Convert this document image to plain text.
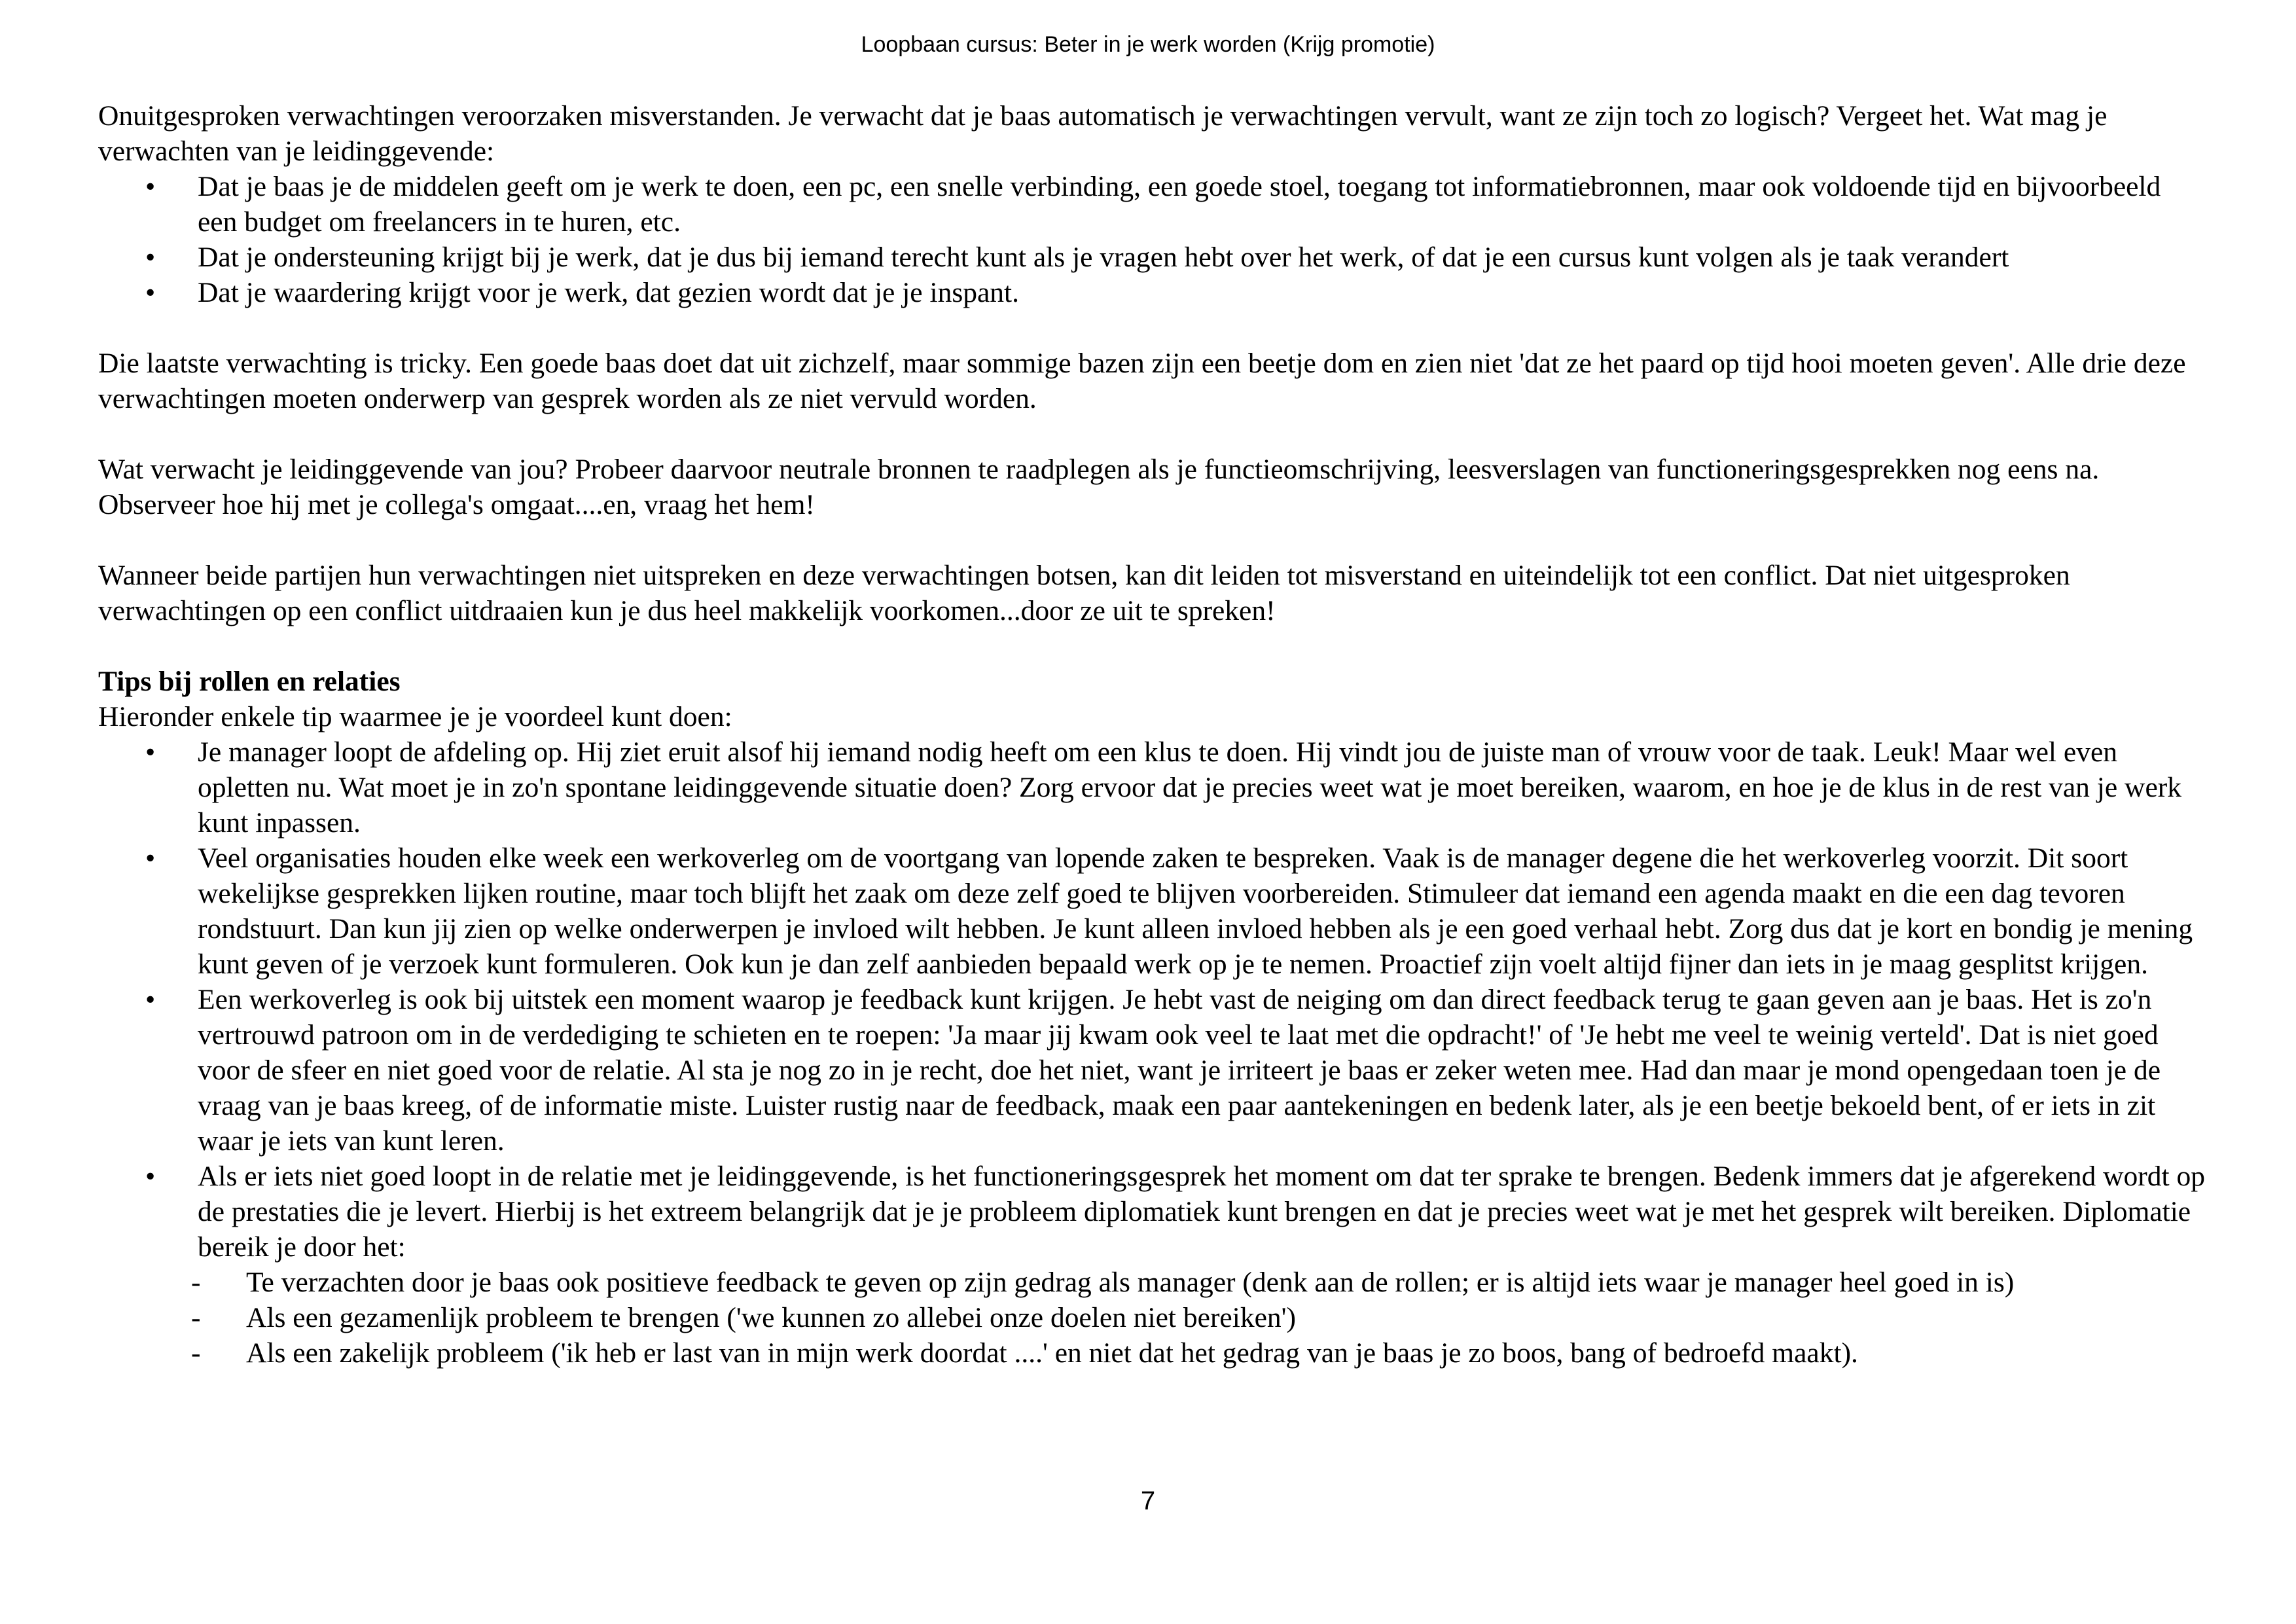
Loopbaan cursus: Beter in je werk worden (Krijg promotie)

Onuitgesproken verwachtingen veroorzaken misverstanden. Je verwacht dat je baas automatisch je verwachtingen vervult, want ze zijn toch zo logisch? Vergeet het. Wat mag je verwachten van je leidinggevende:

• Dat je baas je de middelen geeft om je werk te doen, een pc, een snelle verbinding, een goede stoel, toegang tot informatiebronnen, maar ook voldoende tijd en bijvoorbeeld een budget om freelancers in te huren, etc.
• Dat je ondersteuning krijgt bij je werk, dat je dus bij iemand terecht kunt als je vragen hebt over het werk, of dat je een cursus kunt volgen als je taak verandert
• Dat je waardering krijgt voor je werk, dat gezien wordt dat je je inspant.

Die laatste verwachting is tricky. Een goede baas doet dat uit zichzelf, maar sommige bazen zijn een beetje dom en zien niet 'dat ze het paard op tijd hooi moeten geven'. Alle drie deze verwachtingen moeten onderwerp van gesprek worden als ze niet vervuld worden.

Wat verwacht je leidinggevende van jou? Probeer daarvoor neutrale bronnen te raadplegen als je functieomschrijving, leesverslagen van functioneringsgesprekken nog eens na. Observeer hoe hij met je collega's omgaat....en, vraag het hem!

Wanneer beide partijen hun verwachtingen niet uitspreken en deze verwachtingen botsen, kan dit leiden tot misverstand en uiteindelijk tot een conflict. Dat niet uitgesproken verwachtingen op een conflict uitdraaien kun je dus heel makkelijk voorkomen...door ze uit te spreken!

Tips bij rollen en relaties

Hieronder enkele tip waarmee je je voordeel kunt doen:

• Je manager loopt de afdeling op. Hij ziet eruit alsof hij iemand nodig heeft om een klus te doen. Hij vindt jou de juiste man of vrouw voor de taak. Leuk! Maar wel even opletten nu. Wat moet je in zo'n spontane leidinggevende situatie doen? Zorg ervoor dat je precies weet wat je moet bereiken, waarom, en hoe je de klus in de rest van je werk kunt inpassen.
• Veel organisaties houden elke week een werkoverleg om de voortgang van lopende zaken te bespreken. Vaak is de manager degene die het werkoverleg voorzit. Dit soort wekelijkse gesprekken lijken routine, maar toch blijft het zaak om deze zelf goed te blijven voorbereiden. Stimuleer dat iemand een agenda maakt en die een dag tevoren rondstuurt. Dan kun jij zien op welke onderwerpen je invloed wilt hebben. Je kunt alleen invloed hebben als je een goed verhaal hebt. Zorg dus dat je kort en bondig je mening kunt geven of je verzoek kunt formuleren. Ook kun je dan zelf aanbieden bepaald werk op je te nemen. Proactief zijn voelt altijd fijner dan iets in je maag gesplitst krijgen.
• Een werkoverleg is ook bij uitstek een moment waarop je feedback kunt krijgen. Je hebt vast de neiging om dan direct feedback terug te gaan geven aan je baas. Het is zo'n vertrouwd patroon om in de verdediging te schieten en te roepen: 'Ja maar jij kwam ook veel te laat met die opdracht!' of 'Je hebt me veel te weinig verteld'. Dat is niet goed voor de sfeer en niet goed voor de relatie. Al sta je nog zo in je recht, doe het niet, want je irriteert je baas er zeker weten mee. Had dan maar je mond opengedaan toen je de vraag van je baas kreeg, of de informatie miste. Luister rustig naar de feedback, maak een paar aantekeningen en bedenk later, als je een beetje bekoeld bent, of er iets in zit waar je iets van kunt leren.
• Als er iets niet goed loopt in de relatie met je leidinggevende, is het functioneringsgesprek het moment om dat ter sprake te brengen. Bedenk immers dat je afgerekend wordt op de prestaties die je levert. Hierbij is het extreem belangrijk dat je je probleem diplomatiek kunt brengen en dat je precies weet wat je met het gesprek wilt bereiken. Diplomatie bereik je door het:
- Te verzachten door je baas ook positieve feedback te geven op zijn gedrag als manager (denk aan de rollen; er is altijd iets waar je manager heel goed in is)
- Als een gezamenlijk probleem te brengen ('we kunnen zo allebei onze doelen niet bereiken')
- Als een zakelijk probleem ('ik heb er last van in mijn werk doordat ....' en niet dat het gedrag van je baas je zo boos, bang of bedroefd maakt).
7
